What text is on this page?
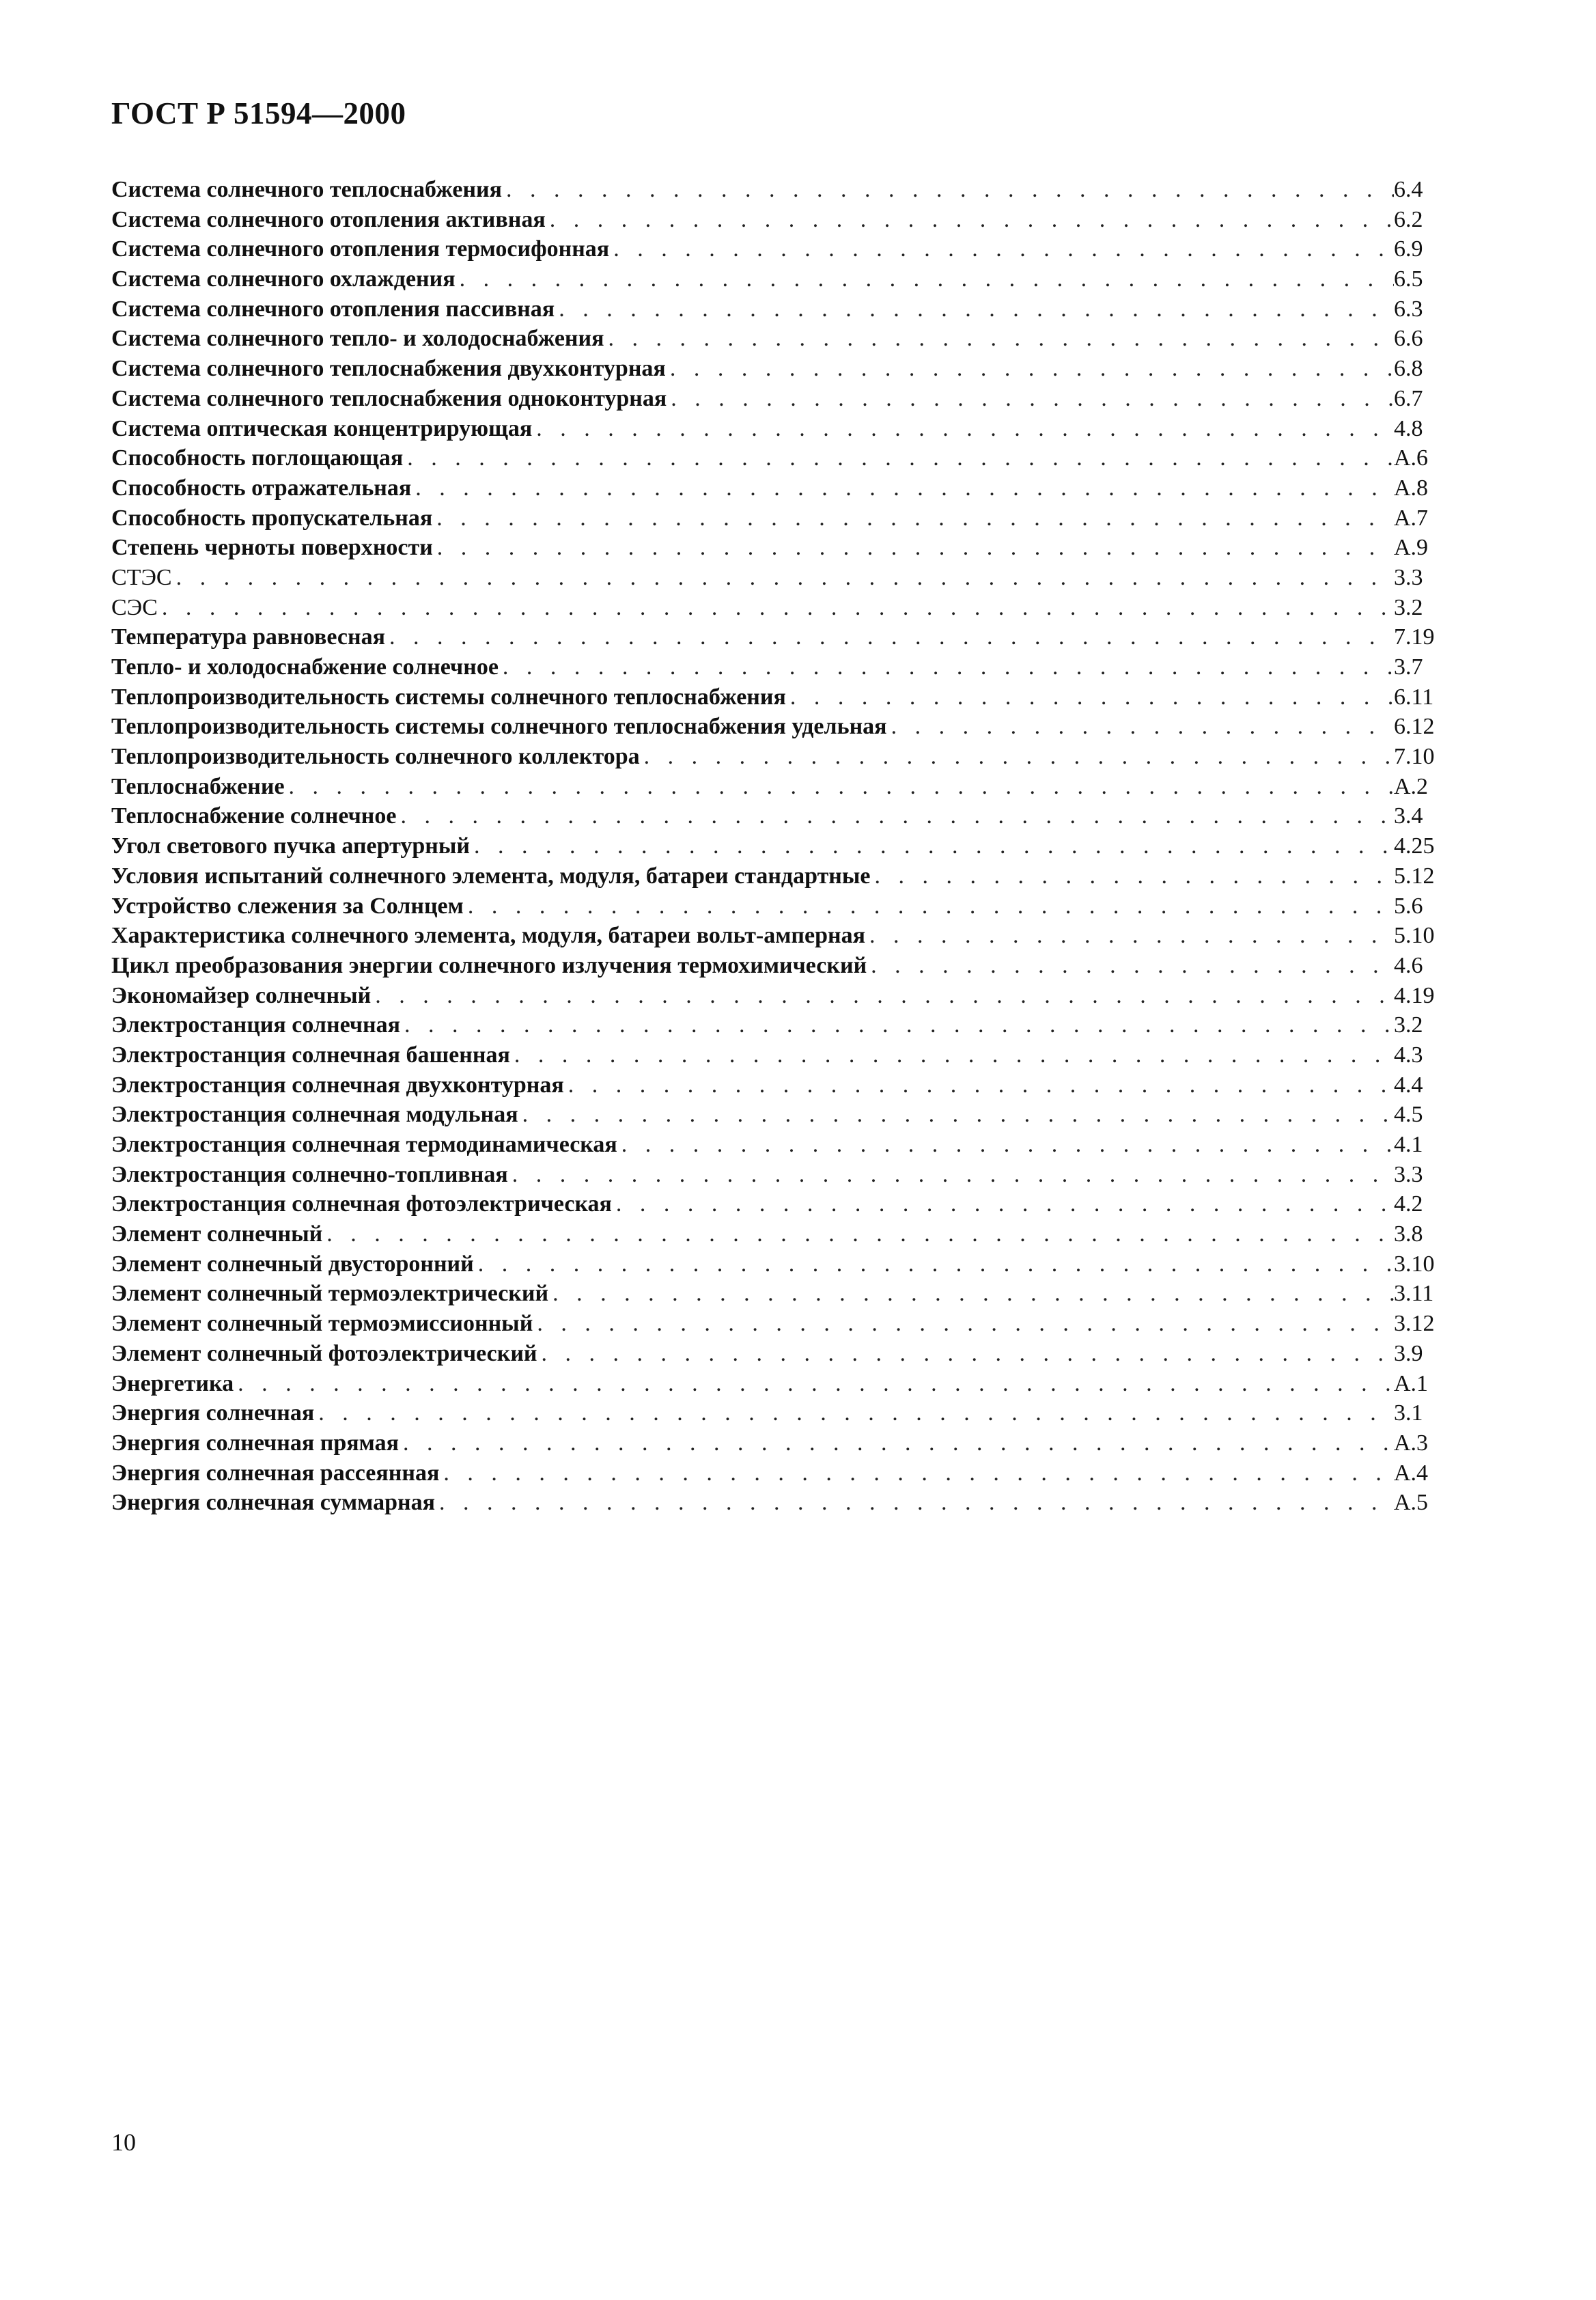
ГОСТ Р 51594—2000
Система солнечного теплоснабжения . . .	6.4
Система солнечного отопления активная . . .	6.2
Система солнечного отопления термосифонная . . .	6.9
Система солнечного охлаждения . . .	6.5
Система солнечного отопления пассивная . . .	6.3
Система солнечного тепло- и холодоснабжения . . .	6.6
Система солнечного теплоснабжения двухконтурная . . .	6.8
Система солнечного теплоснабжения одноконтурная . . .	6.7
Система оптическая концентрирующая . . .	4.8
Способность поглощающая . . .	А.6
Способность отражательная . . .	А.8
Способность пропускательная . . .	А.7
Степень черноты поверхности . . .	А.9
СТЭС . . .	3.3
СЭС . . .	3.2
Температура равновесная . . .	7.19
Тепло- и холодоснабжение солнечное . . .	3.7
Теплопроизводительность системы солнечного теплоснабжения . . .	6.11
Теплопроизводительность системы солнечного теплоснабжения удельная . . .	6.12
Теплопроизводительность солнечного коллектора . . .	7.10
Теплоснабжение . . .	А.2
Теплоснабжение солнечное . . .	3.4
Угол светового пучка апертурный . . .	4.25
Условия испытаний солнечного элемента, модуля, батареи стандартные . . .	5.12
Устройство слежения за Солнцем . . .	5.6
Характеристика солнечного элемента, модуля, батареи вольт-амперная . . .	5.10
Цикл преобразования энергии солнечного излучения термохимический . . .	4.6
Экономайзер солнечный . . .	4.19
Электростанция солнечная . . .	3.2
Электростанция солнечная башенная . . .	4.3
Электростанция солнечная двухконтурная . . .	4.4
Электростанция солнечная модульная . . .	4.5
Электростанция солнечная термодинамическая . . .	4.1
Электростанция солнечно-топливная . . .	3.3
Электростанция солнечная фотоэлектрическая . . .	4.2
Элемент солнечный . . .	3.8
Элемент солнечный двусторонний . . .	3.10
Элемент солнечный термоэлектрический . . .	3.11
Элемент солнечный термоэмиссионный . . .	3.12
Элемент солнечный фотоэлектрический . . .	3.9
Энергетика . . .	А.1
Энергия солнечная . . .	3.1
Энергия солнечная прямая . . .	А.3
Энергия солнечная рассеянная . . .	А.4
Энергия солнечная суммарная . . .	А.5
10
